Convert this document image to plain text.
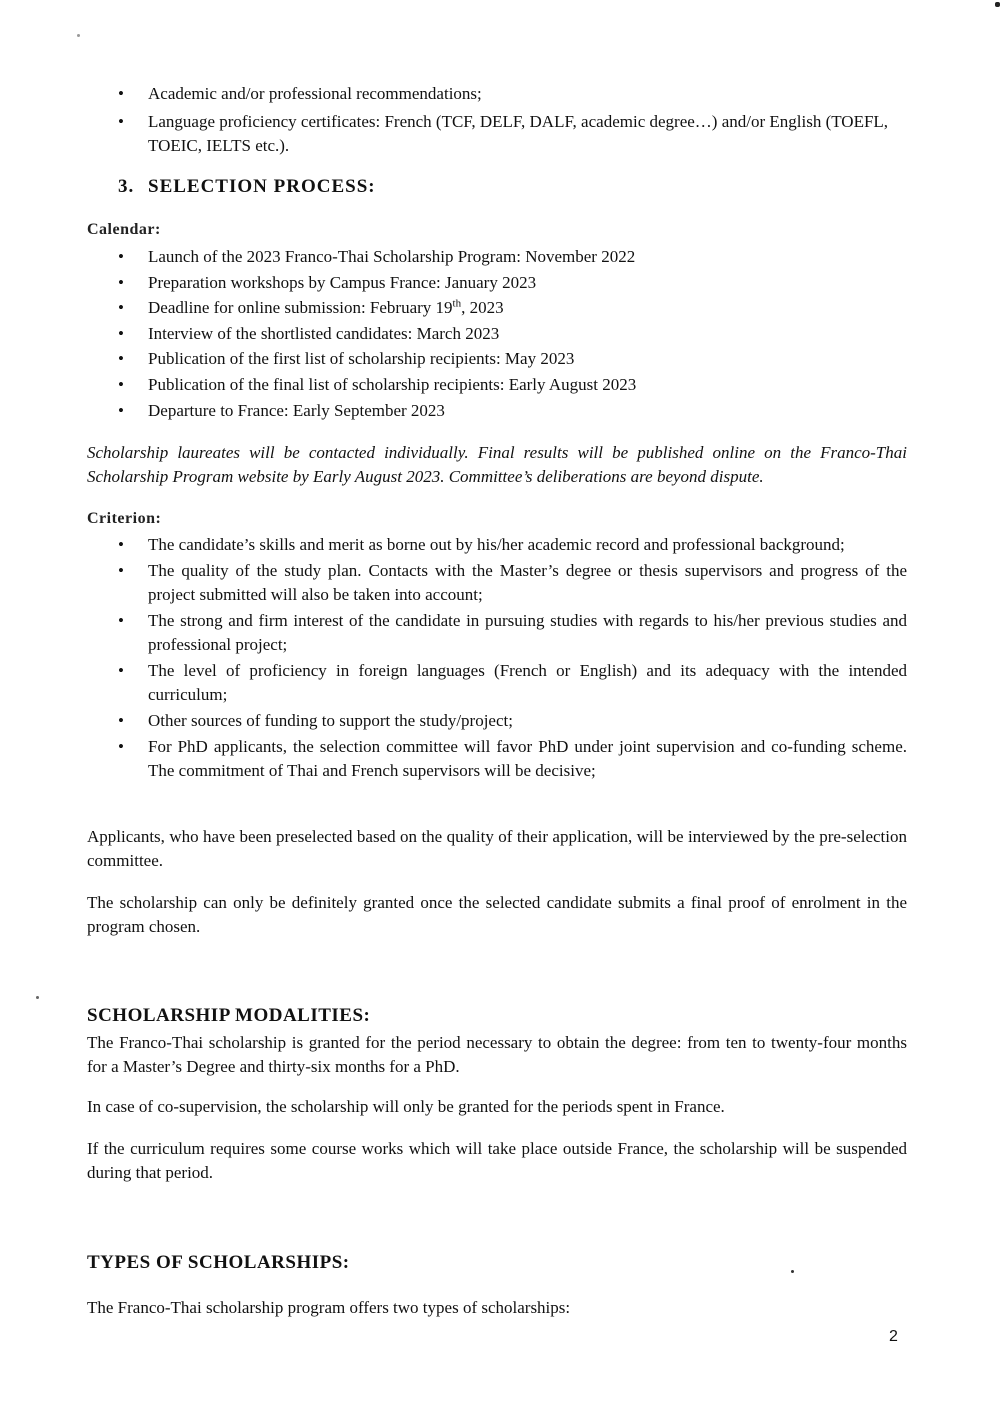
• Academic and/or professional recommendations;
• Language proficiency certificates: French (TCF, DELF, DALF, academic degree…) and/or English (TOEFL, TOEIC, IELTS etc.).
3. SELECTION PROCESS:
Calendar:
• Launch of the 2023 Franco-Thai Scholarship Program: November 2022
• Preparation workshops by Campus France: January 2023
• Deadline for online submission: February 19th, 2023
• Interview of the shortlisted candidates: March 2023
• Publication of the first list of scholarship recipients: May 2023
• Publication of the final list of scholarship recipients: Early August 2023
• Departure to France: Early September 2023

Scholarship laureates will be contacted individually. Final results will be published online on the Franco-Thai Scholarship Program website by Early August 2023. Committee’s deliberations are beyond dispute.

Criterion:
• The candidate’s skills and merit as borne out by his/her academic record and professional background;
• The quality of the study plan. Contacts with the Master’s degree or thesis supervisors and progress of the project submitted will also be taken into account;
• The strong and firm interest of the candidate in pursuing studies with regards to his/her previous studies and professional project;
• The level of proficiency in foreign languages (French or English) and its adequacy with the intended curriculum;
• Other sources of funding to support the study/project;
• For PhD applicants, the selection committee will favor PhD under joint supervision and co-funding scheme. The commitment of Thai and French supervisors will be decisive;

Applicants, who have been preselected based on the quality of their application, will be interviewed by the pre-selection committee.

The scholarship can only be definitely granted once the selected candidate submits a final proof of enrolment in the program chosen.

SCHOLARSHIP MODALITIES:

The Franco-Thai scholarship is granted for the period necessary to obtain the degree: from ten to twenty-four months for a Master’s Degree and thirty-six months for a PhD.

In case of co-supervision, the scholarship will only be granted for the periods spent in France.

If the curriculum requires some course works which will take place outside France, the scholarship will be suspended during that period.

TYPES OF SCHOLARSHIPS:

The Franco-Thai scholarship program offers two types of scholarships:

2
